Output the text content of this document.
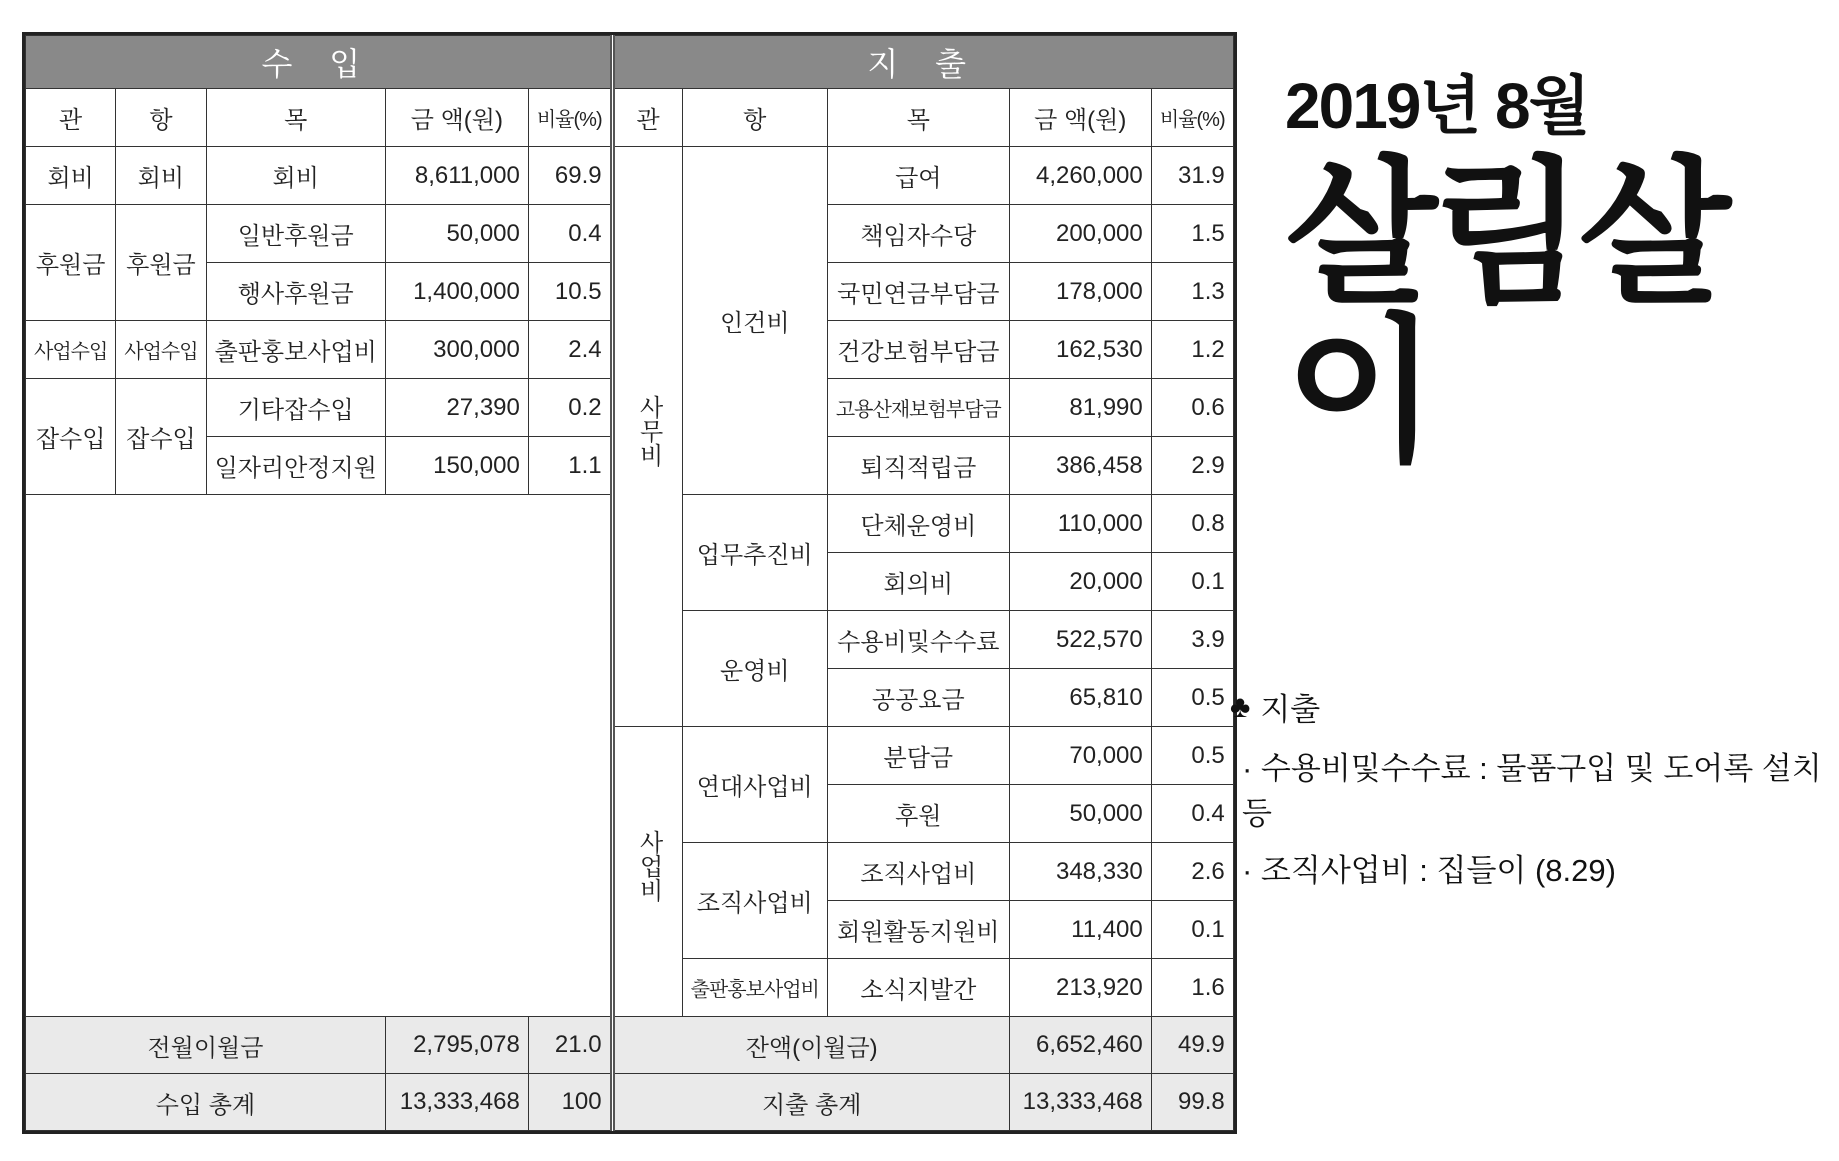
수 입					지 출				
관	항	목	금 액(원)	비율(%)	관	항	목	금 액(원)	비율(%)
회비	회비	회비	8,611,000	69.9	사무비	인건비	급여	4,260,000	31.9
후원금	후원금	일반후원금	50,000	0.4			책임자수당	200,000	1.5
		행사후원금	1,400,000	10.5			국민연금부담금	178,000	1.3
사업수입	사업수입	출판홍보사업비	300,000	2.4			건강보험부담금	162,530	1.2
잡수입	잡수입	기타잡수입	27,390	0.2			고용산재보험부담금	81,990	0.6
		일자리안정지원	150,000	1.1			퇴직적립금	386,458	2.9
						업무추진비	단체운영비	110,000	0.8
							회의비	20,000	0.1
						운영비	수용비및수수료	522,570	3.9
							공공요금	65,810	0.5
					사업비	연대사업비	분담금	70,000	0.5
							후원	50,000	0.4
						조직사업비	조직사업비	348,330	2.6
							회원활동지원비	11,400	0.1
						출판홍보사업비	소식지발간	213,920	1.6
전월이월금			2,795,078	21.0	잔액(이월금)			6,652,460	49.9
수입 총계			13,333,468	100	지출 총계			13,333,468	99.8
2019년 8월
살림살이
♣ 지출
· 수용비및수수료 : 물품구입 및 도어록 설치 등
· 조직사업비 : 집들이 (8.29)
